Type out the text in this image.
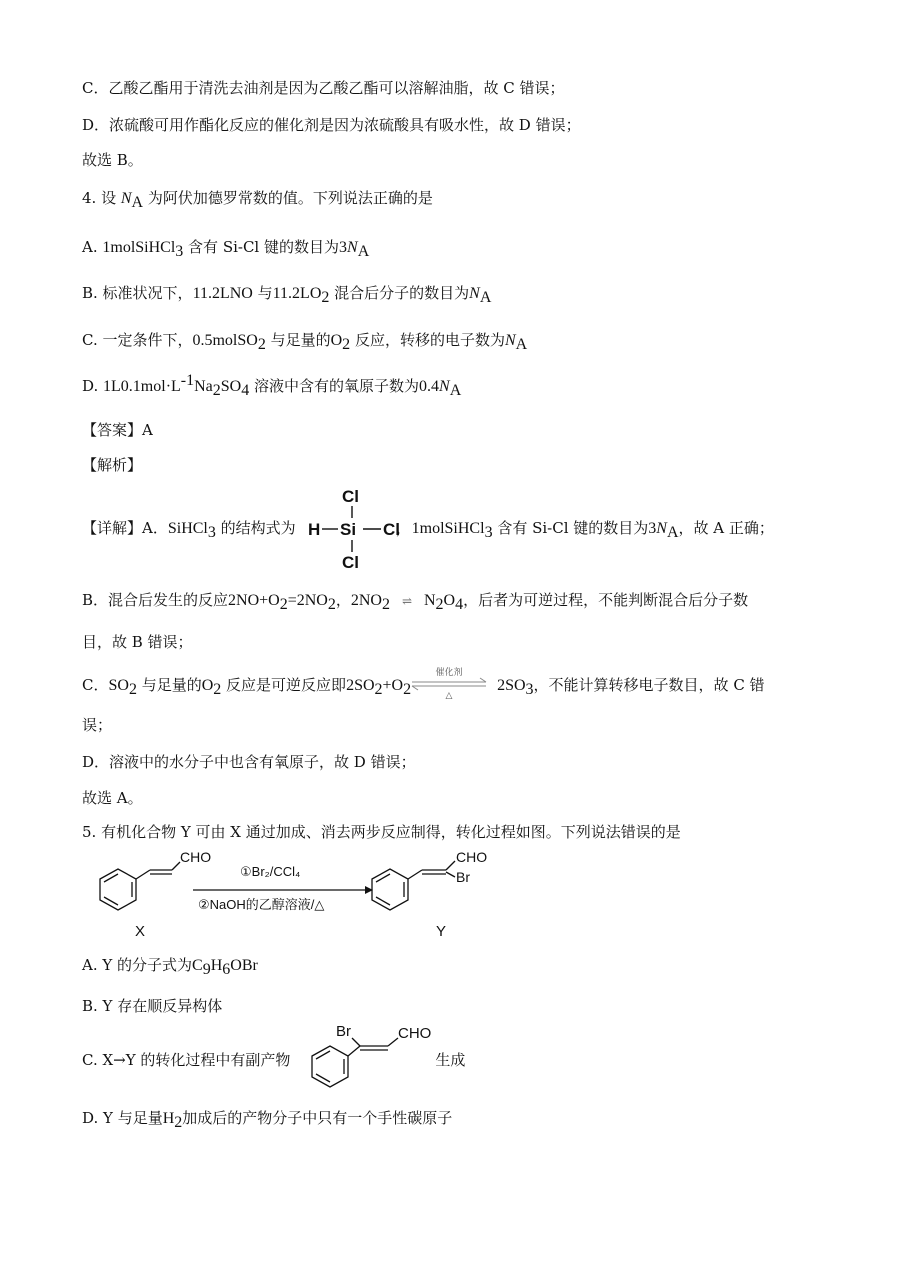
C．乙酸乙酯用于清洗去油剂是因为乙酸乙酯可以溶解油脂，故 C 错误；
D．浓硫酸可用作酯化反应的催化剂是因为浓硫酸具有吸水性，故 D 错误；
故选 B。
4. 设 $N_A$ 为阿伏加德罗常数的值。下列说法正确的是
A. 1molSiHCl$_3$ 含有 Si-Cl 键的数目为$3N_A$
B. 标准状况下，11.2LNO 与$11.2LO_2$ 混合后分子的数目为$N_A$
C. 一定条件下，0.5molSO$_2$ 与足量的$O_2$ 反应，转移的电子数为$N_A$
D. $1L0.1mol\cdot L^{-1}Na_2SO_4$ 溶液中含有的氧原子数为$0.4N_A$
【答案】A
【解析】
【详解】A．SiHCl$_3$ 的结构式为	，1molSiHCl$_3$ 含有 Si-Cl 键的数目为$3N_A$，故 A 正确；
Cl
H Si Cl
Cl
B．混合后发生的反应$2NO+O_2=2NO_2$，$2NO_2$ ⇌ $N_2O_4$，后者为可逆过程，不能判断混合后分子数
目，故 B 错误；
C．$SO_2$ 与足量的$O_2$ 反应是可逆反应即$2SO_2+O_2$	$2SO_3$，不能计算转移电子数目，故 C 错
催化剂
△
误；
D．溶液中的水分子中也含有氧原子，故 D 错误；
故选 A。
5. 有机化合物 Y 可由 X 通过加成、消去两步反应制得，转化过程如图。下列说法错误的是
CHO
X
①Br₂/CCl₄
②NaOH的乙醇溶液/△
CHO
Br
Y
A. Y 的分子式为$C_9H_6OBr$
B. Y 存在顺反异构体
C. X→Y 的转化过程中有副产物	生成
Br	CHO
D. Y 与足量$H_2$加成后的产物分子中只有一个手性碳原子
